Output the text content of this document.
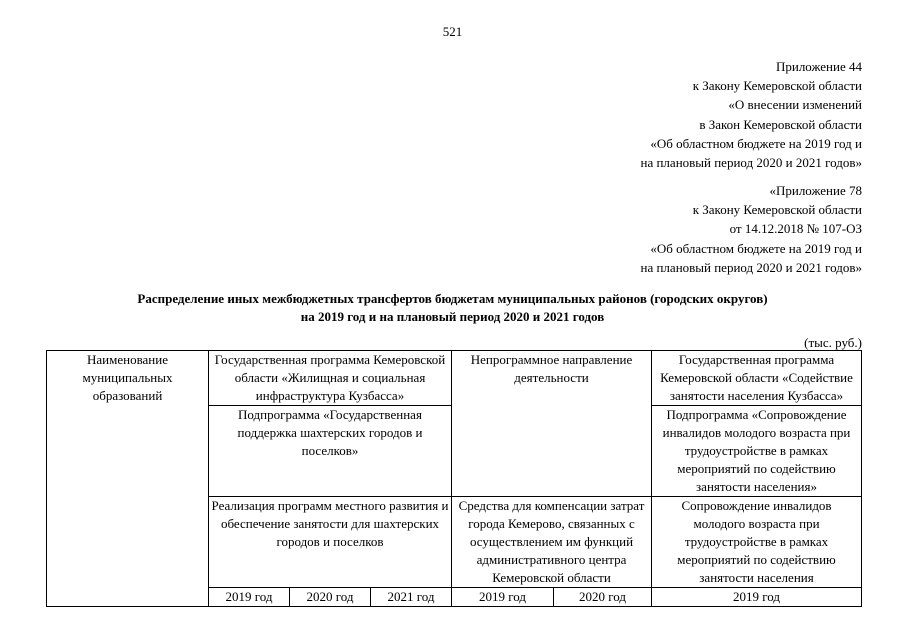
521
Приложение 44
к Закону Кемеровской области
«О внесении изменений
в Закон Кемеровской области
«Об областном бюджете на 2019 год и
на плановый период 2020 и 2021 годов»
«Приложение 78
к Закону Кемеровской области
от 14.12.2018 № 107-ОЗ
«Об областном бюджете на 2019 год и
на плановый период 2020 и 2021 годов»
Распределение иных межбюджетных трансфертов бюджетам муниципальных районов (городских округов)
на 2019 год и на плановый период 2020 и 2021 годов
(тыс. руб.)
Наименование муниципальных образований	Государственная программа Кемеровской области «Жилищная и социальная инфраструктура Кузбасса»			Непрограммное направление деятельности		Государственная программа Кемеровской области «Содействие занятости населения Кузбасса»
	Подпрограмма «Государственная поддержка шахтерских городов и поселков»					Подпрограмма «Сопровождение инвалидов молодого возраста при трудоустройстве в рамках мероприятий по содействию занятости населения»
	Реализация программ местного развития и обеспечение занятости для шахтерских городов и поселков			Средства для компенсации затрат города Кемерово, связанных с осуществлением им функций административного центра Кемеровской области		Сопровождение инвалидов молодого возраста при трудоустройстве в рамках мероприятий по содействию занятости населения
	2019 год	2020 год	2021 год	2019 год	2020 год	2019 год
